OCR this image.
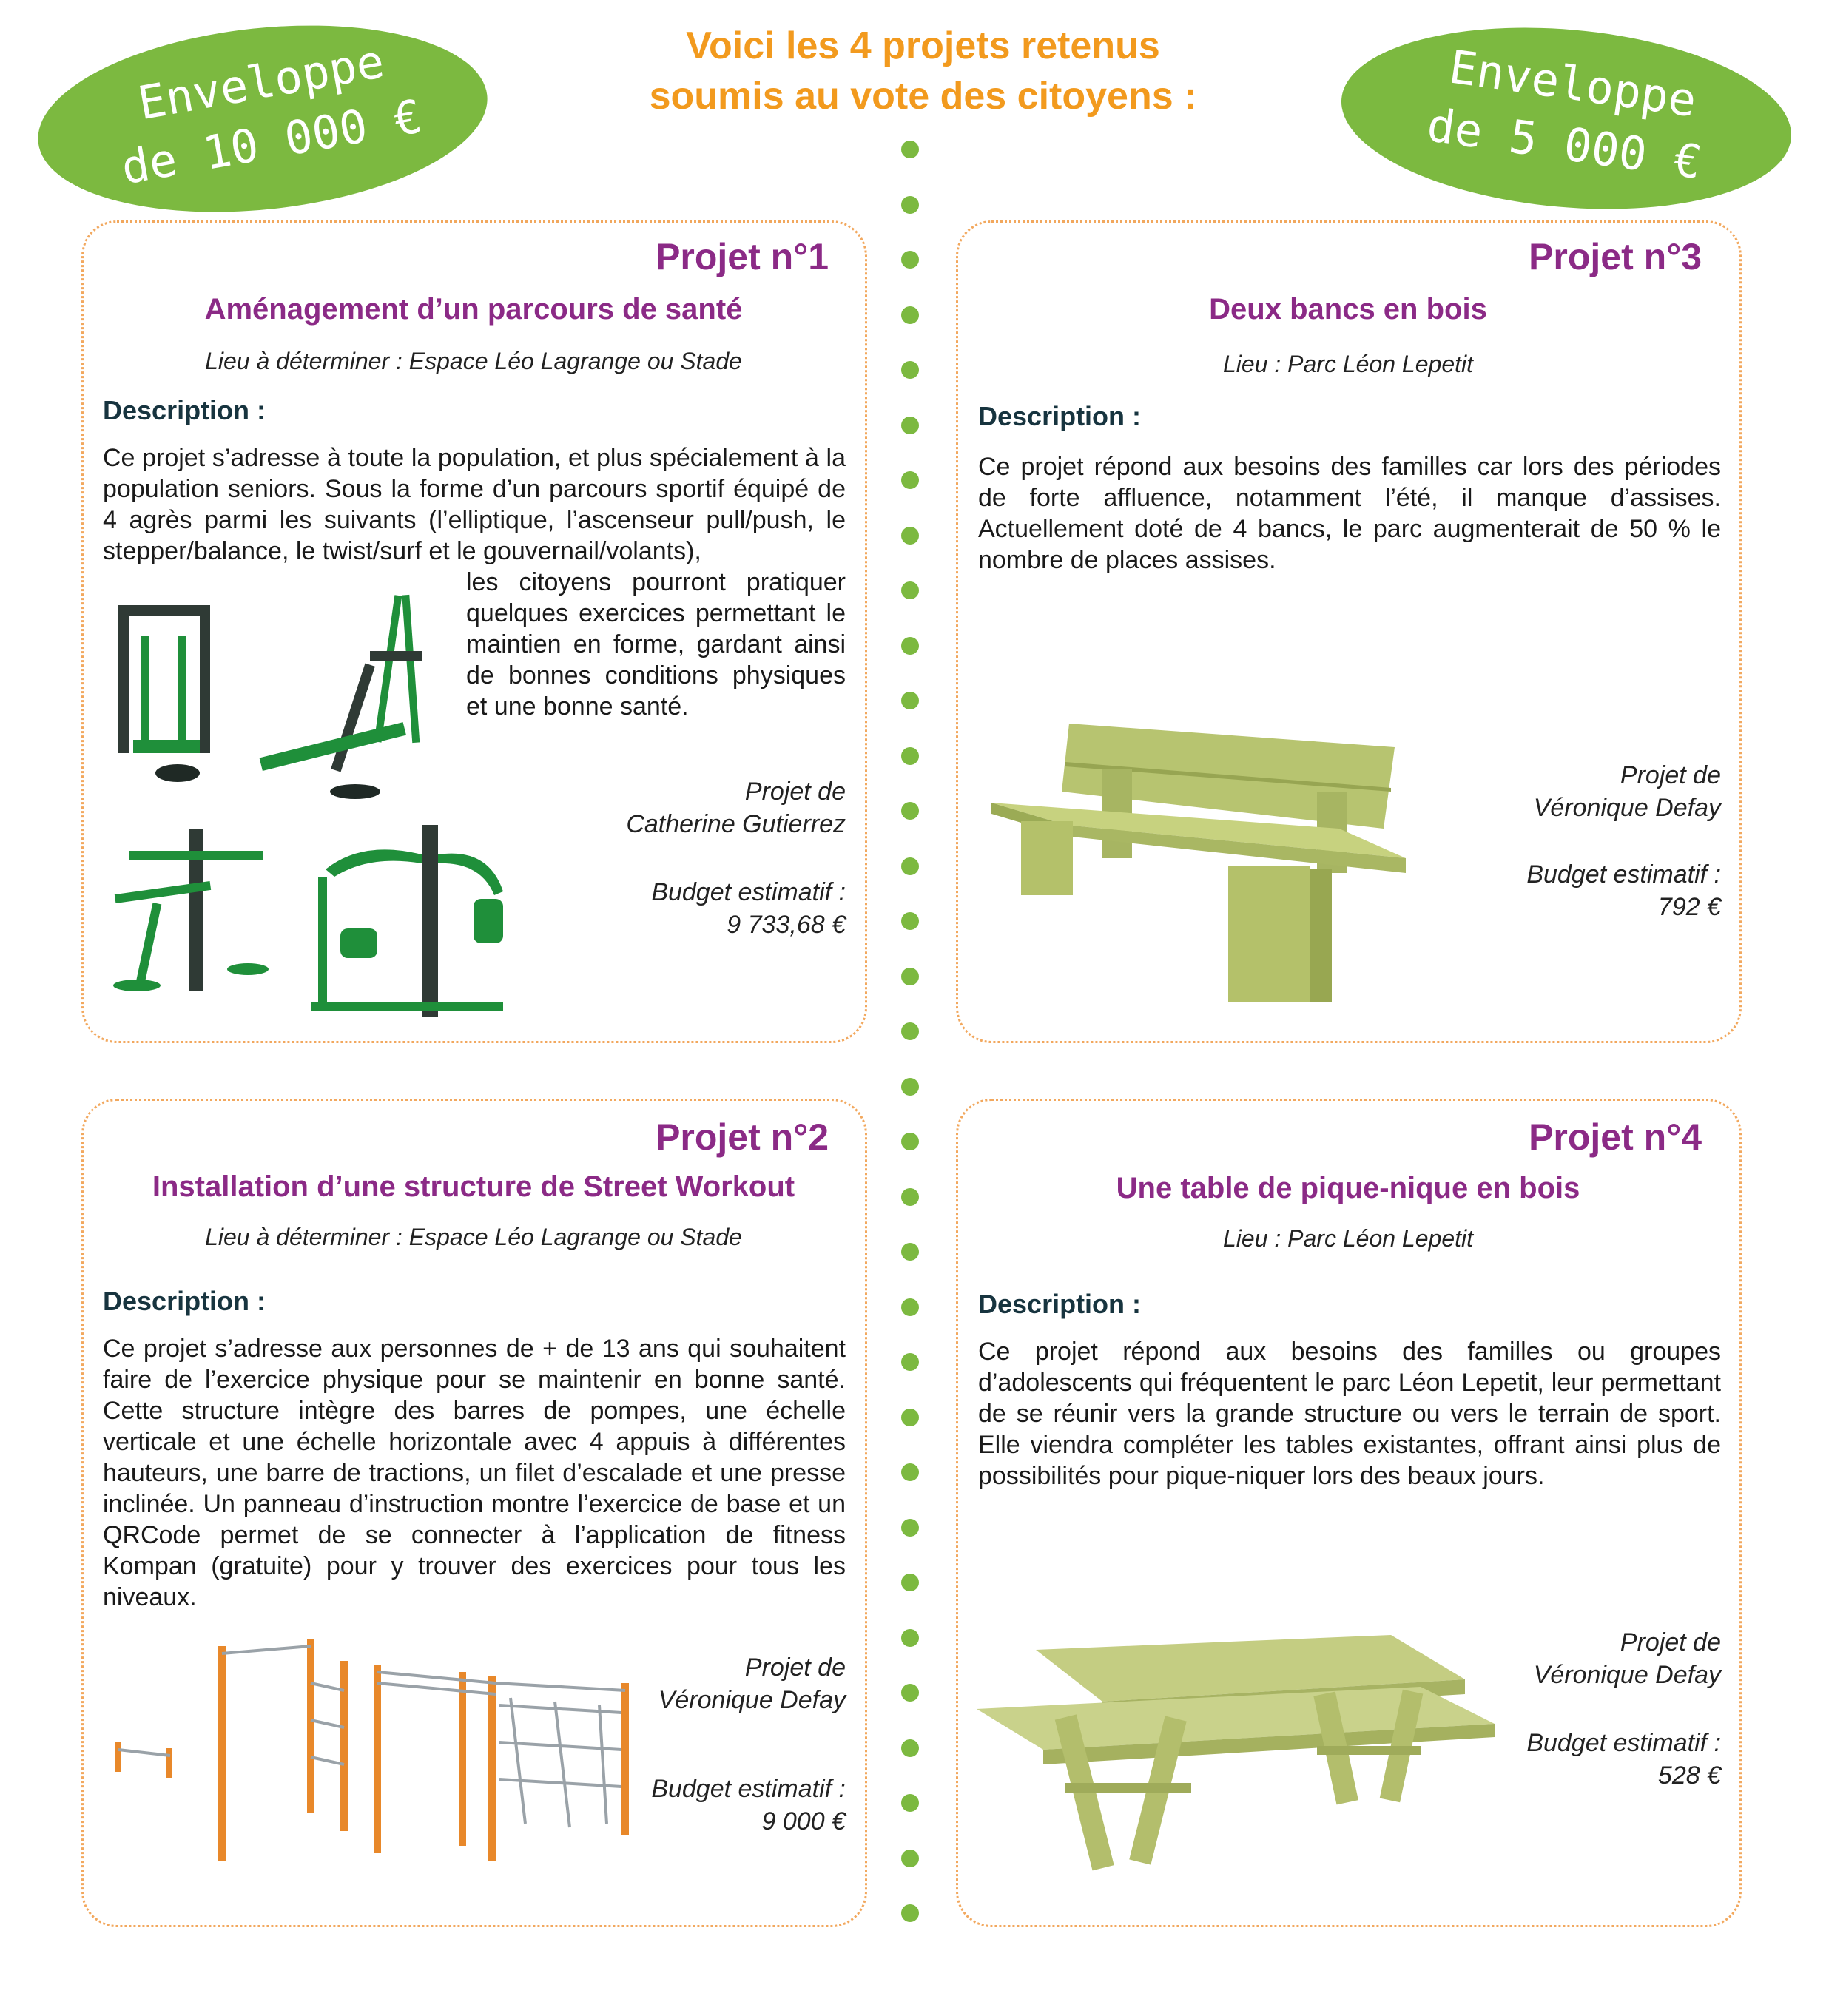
Enveloppe
de 10 000 €
Enveloppe
de 5 000 €
Voici les 4 projets retenus
soumis au vote des citoyens :
Projet n°1
Aménagement d’un parcours de santé
Lieu à déterminer : Espace Léo Lagrange ou Stade
Description :
Ce projet s’adresse à toute la population, et plus spécialement à la population seniors. Sous la forme d’un parcours sportif équipé de 4 agrès parmi les suivants (l’elliptique, l’ascenseur pull/push, le stepper/balance, le twist/surf et le gouvernail/volants),
les citoyens pourront pratiquer quelques exercices permettant le maintien en forme, gardant ainsi de bonnes conditions physiques et une bonne santé.
Projet de
Catherine Gutierrez
Budget estimatif :
9 733,68 €
Projet n°2
Installation d’une structure de Street Workout
Lieu à déterminer : Espace Léo Lagrange ou Stade
Description :
Ce projet s’adresse aux personnes de + de 13 ans qui souhaitent faire de l’exercice physique pour se maintenir en bonne santé. Cette structure intègre des barres de pompes, une échelle verticale et une échelle horizontale avec 4 appuis à différentes hauteurs, une barre de tractions, un filet d’escalade et une presse inclinée. Un panneau d’instruction montre l’exercice de base et un QRCode permet de se connecter à l’application de fitness Kompan (gratuite) pour y trouver des exercices pour tous les niveaux.
Projet de
Véronique Defay
Budget estimatif :
9 000 €
Projet n°3
Deux bancs en bois
Lieu : Parc Léon Lepetit
Description :
Ce projet répond aux besoins des familles car lors des périodes de forte affluence, notamment l’été, il manque d’assises. Actuellement doté de 4 bancs, le parc augmenterait de 50 % le nombre de places assises.
Projet de
Véronique Defay
Budget estimatif :
792 €
Projet n°4
Une table de pique-nique en bois
Lieu : Parc Léon Lepetit
Description :
Ce projet répond aux besoins des familles ou groupes d’adolescents qui fréquentent le parc Léon Lepetit, leur permettant de se réunir vers la grande structure ou vers le terrain de sport. Elle viendra compléter les tables existantes, offrant ainsi plus de possibilités pour pique-niquer lors des beaux jours.
Projet de
Véronique Defay
Budget estimatif :
528 €
